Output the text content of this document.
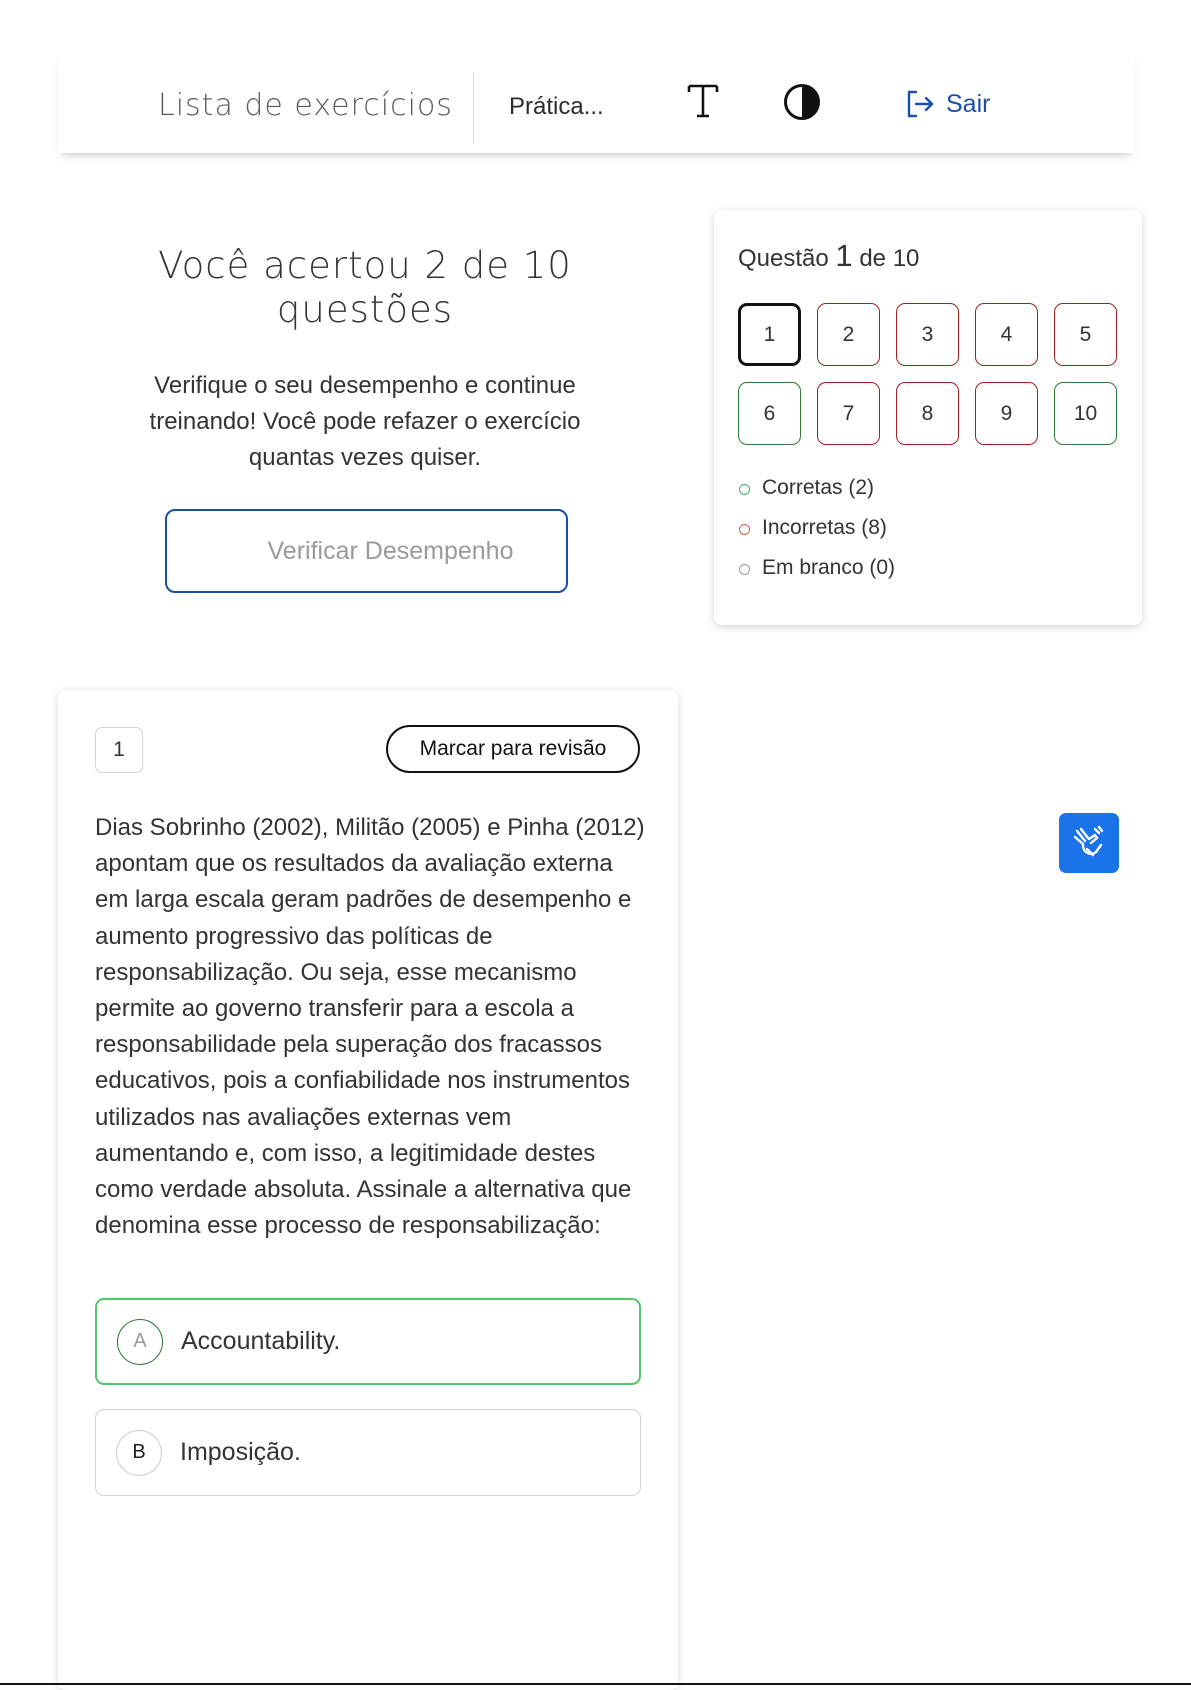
Lista de exercícios Prática...	Sair
Você acertou 2 de 10 questões

Verifique o seu desempenho e continue treinando! Você pode refazer o exercício quantas vezes quiser.

Verificar Desempenho
Questão 1 de 10
1	2	3	4	5
6	7	8	9	10
Corretas (2)
Incorretas (8)
Em branco (0)
1	Marcar para revisão
Dias Sobrinho (2002), Militão (2005) e Pinha (2012) apontam que os resultados da avaliação externa em larga escala geram padrões de desempenho e aumento progressivo das políticas de responsabilização. Ou seja, esse mecanismo permite ao governo transferir para a escola a responsabilidade pela superação dos fracassos educativos, pois a confiabilidade nos instrumentos utilizados nas avaliações externas vem aumentando e, com isso, a legitimidade destes como verdade absoluta. Assinale a alternativa que denomina esse processo de responsabilização:
A	Accountability.
B	Imposição.
